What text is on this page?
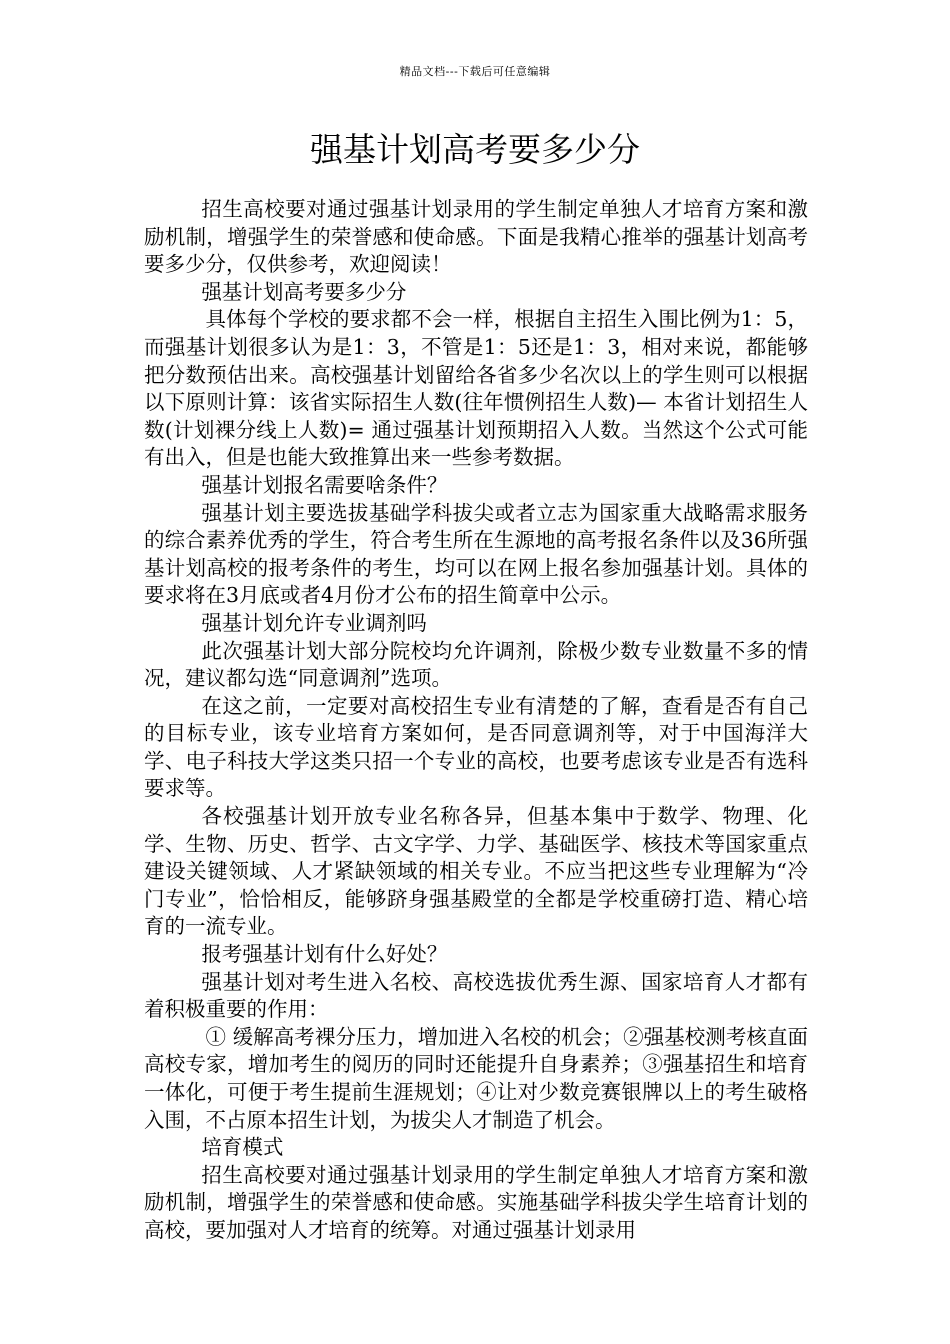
精品文档---下载后可任意编辑
强基计划高考要多少分

招生高校要对通过强基计划录用的学生制定单独人才培育方案和激励机制，增强学生的荣誉感和使命感。下面是我精心推举的强基计划高考要多少分，仅供参考，欢迎阅读！

强基计划高考要多少分

具体每个学校的要求都不会一样，根据自主招生入围比例为1：5，而强基计划很多认为是1：3，不管是1：5还是1：3，相对来说，都能够把分数预估出来。高校强基计划留给各省多少名次以上的学生则可以根据以下原则计算：该省实际招生人数(往年惯例招生人数)— 本省计划招生人数(计划裸分线上人数)= 通过强基计划预期招入人数。当然这个公式可能有出入，但是也能大致推算出来一些参考数据。

强基计划报名需要啥条件？

强基计划主要选拔基础学科拔尖或者立志为国家重大战略需求服务的综合素养优秀的学生，符合考生所在生源地的高考报名条件以及36所强基计划高校的报考条件的考生，均可以在网上报名参加强基计划。具体的要求将在3月底或者4月份才公布的招生简章中公示。

强基计划允许专业调剂吗

此次强基计划大部分院校均允许调剂，除极少数专业数量不多的情况，建议都勾选“同意调剂”选项。

在这之前，一定要对高校招生专业有清楚的了解，查看是否有自己的目标专业，该专业培育方案如何，是否同意调剂等，对于中国海洋大学、电子科技大学这类只招一个专业的高校，也要考虑该专业是否有选科要求等。

各校强基计划开放专业名称各异，但基本集中于数学、物理、化学、生物、历史、哲学、古文字学、力学、基础医学、核技术等国家重点建设关键领域、人才紧缺领域的相关专业。不应当把这些专业理解为“冷门专业”，恰恰相反，能够跻身强基殿堂的全都是学校重磅打造、精心培育的一流专业。

报考强基计划有什么好处？

强基计划对考生进入名校、高校选拔优秀生源、国家培育人才都有着积极重要的作用：

① 缓解高考裸分压力，增加进入名校的机会；②强基校测考核直面高校专家，增加考生的阅历的同时还能提升自身素养；③强基招生和培育一体化，可便于考生提前生涯规划；④让对少数竞赛银牌以上的考生破格入围，不占原本招生计划，为拔尖人才制造了机会。

培育模式

招生高校要对通过强基计划录用的学生制定单独人才培育方案和激励机制，增强学生的荣誉感和使命感。实施基础学科拔尖学生培育计划的高校，要加强对人才培育的统筹。对通过强基计划录用
